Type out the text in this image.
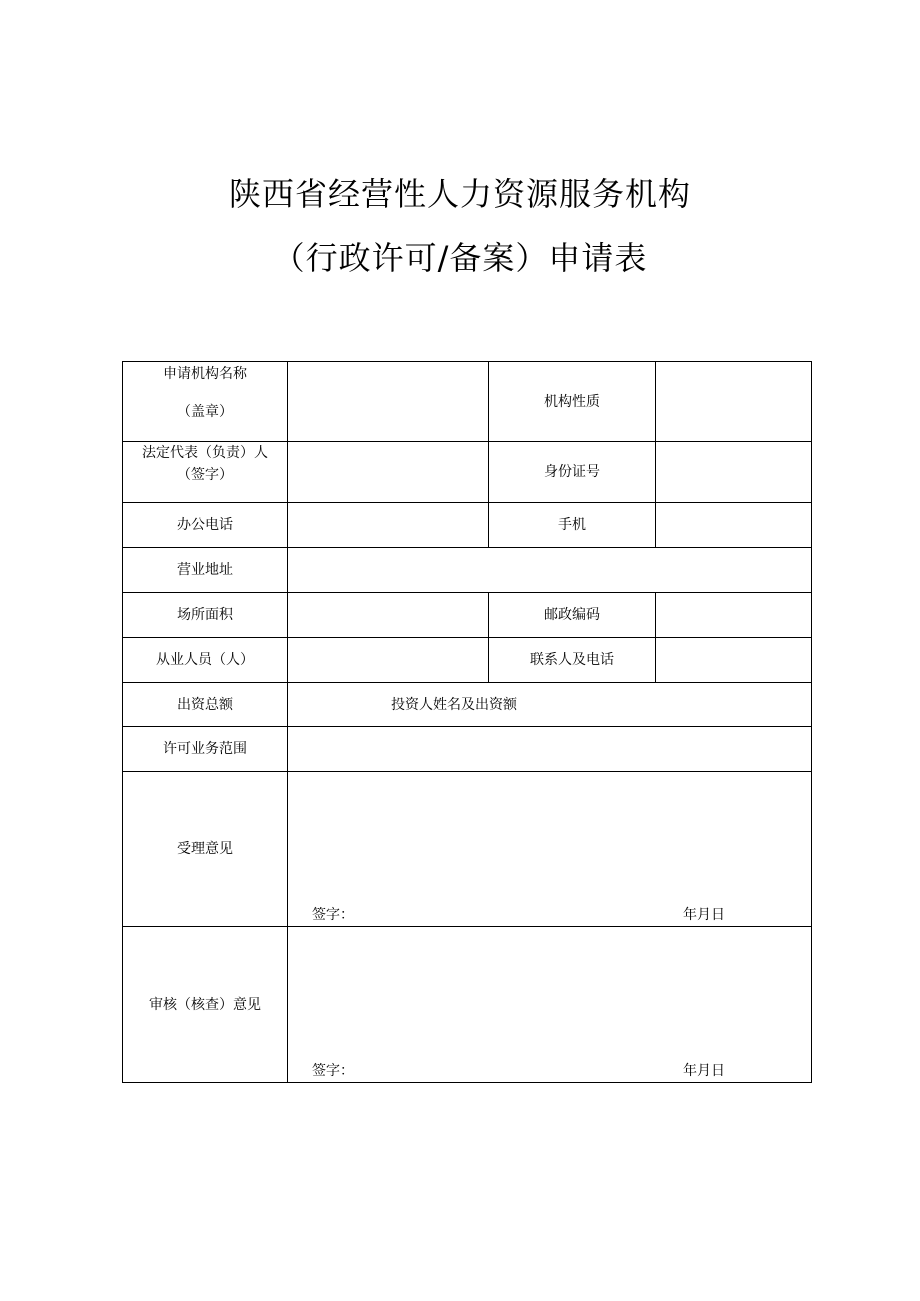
陕西省经营性人力资源服务机构
（行政许可/备案）申请表
申请机构名称
（盖章）		机构性质	

法定代表（负责）人
（签字）		身份证号	

办公电话		手机	

营业地址			

场所面积		邮政编码	

从业人员（人）		联系人及电话	

出资总额	投资人姓名及出资额		

许可业务范围			

受理意见	签字： 年月日		

审核（核查）意见	签字： 年月日		
